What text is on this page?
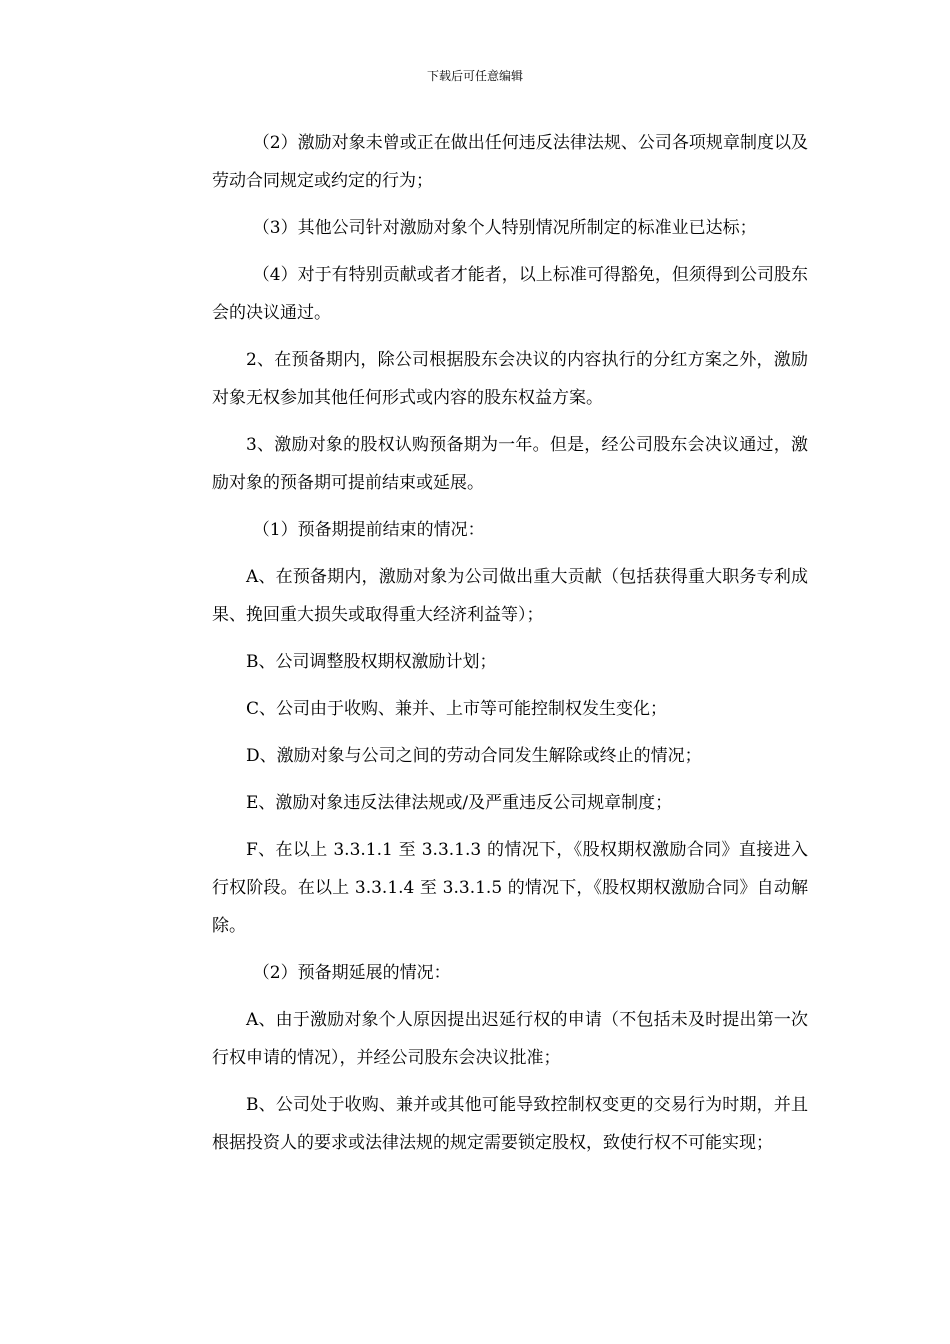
下载后可任意编辑

（2）激励对象未曾或正在做出任何违反法律法规、公司各项规章制度以及劳动合同规定或约定的行为；

（3）其他公司针对激励对象个人特别情况所制定的标准业已达标；

（4）对于有特别贡献或者才能者，以上标准可得豁免，但须得到公司股东会的决议通过。

2、在预备期内，除公司根据股东会决议的内容执行的分红方案之外，激励对象无权参加其他任何形式或内容的股东权益方案。

3、激励对象的股权认购预备期为一年。但是，经公司股东会决议通过，激励对象的预备期可提前结束或延展。

（1）预备期提前结束的情况：

A、在预备期内，激励对象为公司做出重大贡献（包括获得重大职务专利成果、挽回重大损失或取得重大经济利益等）；

B、公司调整股权期权激励计划；

C、公司由于收购、兼并、上市等可能控制权发生变化；

D、激励对象与公司之间的劳动合同发生解除或终止的情况；

E、激励对象违反法律法规或/及严重违反公司规章制度；

F、在以上 3.3.1.1 至 3.3.1.3 的情况下，《股权期权激励合同》直接进入行权阶段。在以上 3.3.1.4 至 3.3.1.5 的情况下，《股权期权激励合同》自动解除。

（2）预备期延展的情况：

A、由于激励对象个人原因提出迟延行权的申请（不包括未及时提出第一次行权申请的情况），并经公司股东会决议批准；

B、公司处于收购、兼并或其他可能导致控制权变更的交易行为时期，并且根据投资人的要求或法律法规的规定需要锁定股权，致使行权不可能实现；
